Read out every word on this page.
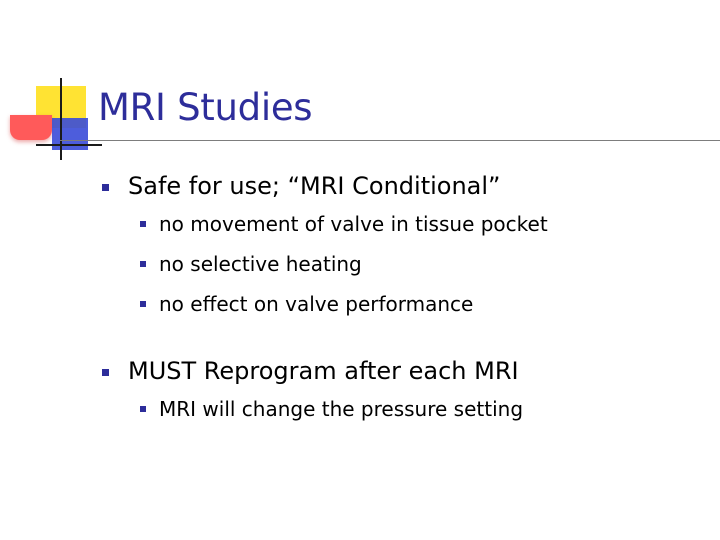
MRI Studies
Safe for use; “MRI Conditional”
no movement of valve in tissue pocket
no selective heating
no effect on valve performance
MUST Reprogram after each MRI
MRI will change the pressure setting
